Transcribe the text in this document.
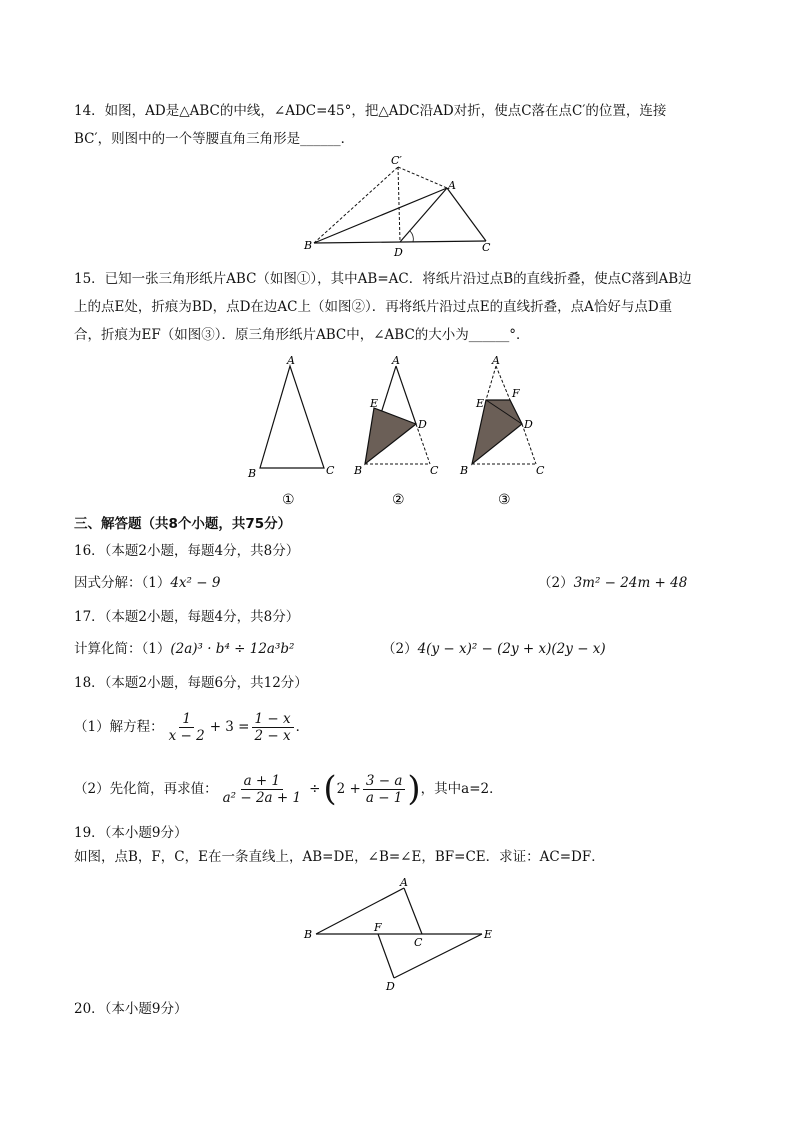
14．如图，AD是△ABC的中线，∠ADC=45°，把△ADC沿AD对折，使点C落在点C′的位置，连接
BC′，则图中的一个等腰直角三角形是______．
C′
A
B
D	C
15．已知一张三角形纸片ABC（如图①），其中AB=AC．将纸片沿过点B的直线折叠，使点C落到AB边
上的点E处，折痕为BD，点D在边AC上（如图②）．再将纸片沿过点E的直线折叠，点A恰好与点D重
合，折痕为EF（如图③）．原三角形纸片ABC中，∠ABC的大小为______°．
A
B	C
①
A
E
D
B	C
②
A
E
F
D
B	C
③
三、解答题（共8个小题，共75分）
16．（本题2小题，每题4分，共8分）
因式分解：（1）4x² − 9	（2）3m² − 24m + 48
17．（本题2小题，每题4分，共8分）
计算化简：（1）(2a)³ · b⁴ ÷ 12a³b²	（2）4(y − x)² − (2y + x)(2y − x)
18．（本题2小题，每题6分，共12分）
（1）解方程： $\frac{1}{x - 2} + 3 = \frac{1 - x}{2 - x}$ ．
（2）先化简，再求值： $\frac{a + 1}{\text{a² − 2a + 1}}$ ÷ ( $2 + \frac{3 - a}{a - 1}$ ) ，其中a=2．
19．（本小题9分）
如图，点B，F，C，E在一条直线上，AB=DE，∠B=∠E，BF=CE．求证：AC=DF．
A
B
F
C
E
D
20．（本小题9分）
